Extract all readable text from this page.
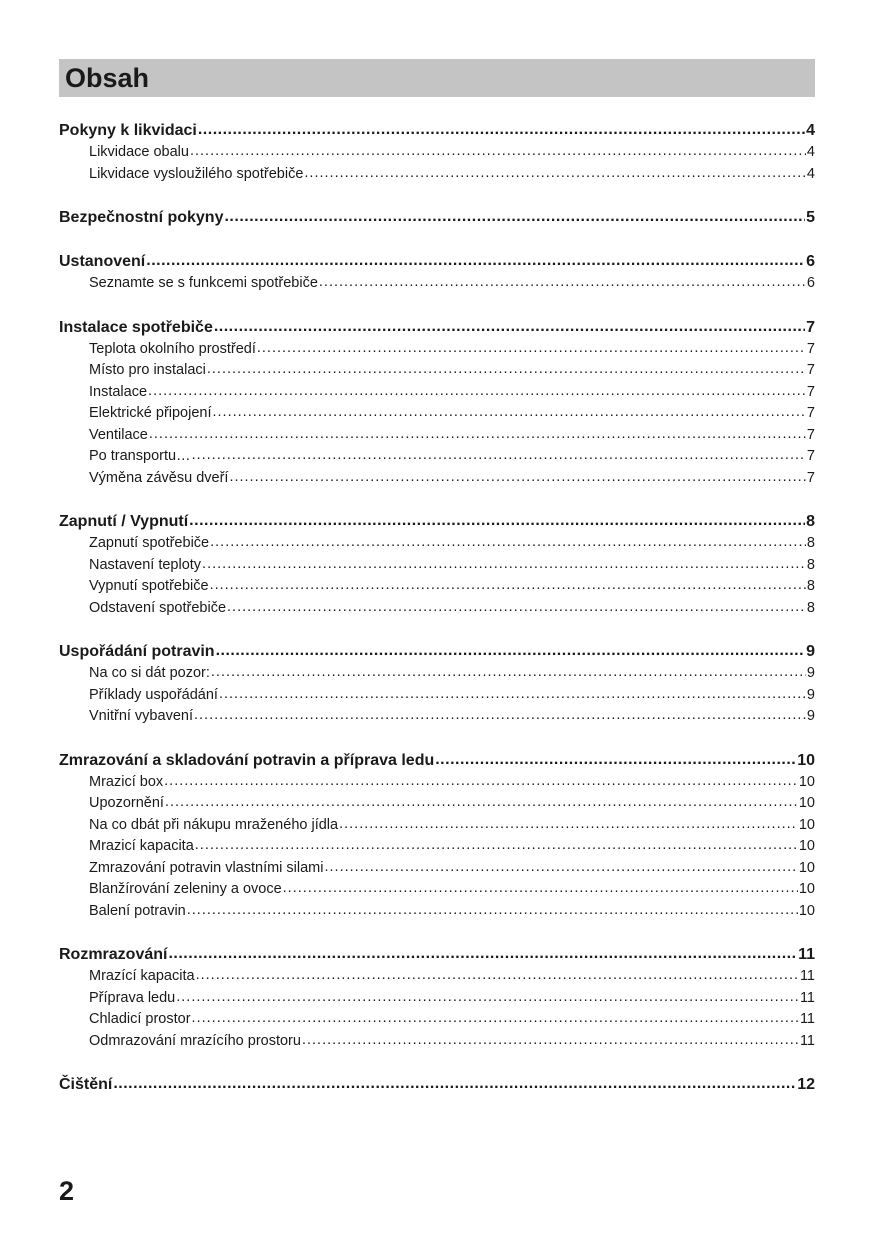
Obsah
Pokyny k likvidaci .....	4
Likvidace obalu .....	4
Likvidace vysloužilého spotřebiče .....	4
Bezpečnostní pokyny .....	5
Ustanovení .....	6
Seznamte se s funkcemi spotřebiče .....	6
Instalace spotřebiče .....	7
Teplota okolního prostředí .....	7
Místo pro instalaci .....	7
Instalace .....	7
Elektrické připojení .....	7
Ventilace .....	7
Po transportu… .....	7
Výměna závěsu dveří .....	7
Zapnutí / Vypnutí .....	8
Zapnutí spotřebiče .....	8
Nastavení teploty .....	8
Vypnutí spotřebiče .....	8
Odstavení spotřebiče .....	8
Uspořádání potravin .....	9
Na co si dát pozor: .....	9
Příklady uspořádání .....	9
Vnitřní vybavení .....	9
Zmrazování a skladování potravin a příprava ledu .....	10
Mrazicí box .....	10
Upozornění .....	10
Na co dbát při nákupu mraženého jídla .....	10
Mrazicí kapacita .....	10
Zmrazování potravin vlastními silami .....	10
Blanžírování zeleniny a ovoce .....	10
Balení potravin .....	10
Rozmrazování .....	11
Mrazící kapacita .....	11
Příprava ledu .....	11
Chladicí prostor .....	11
Odmrazování mrazícího prostoru .....	11
Čištění .....	12
2
